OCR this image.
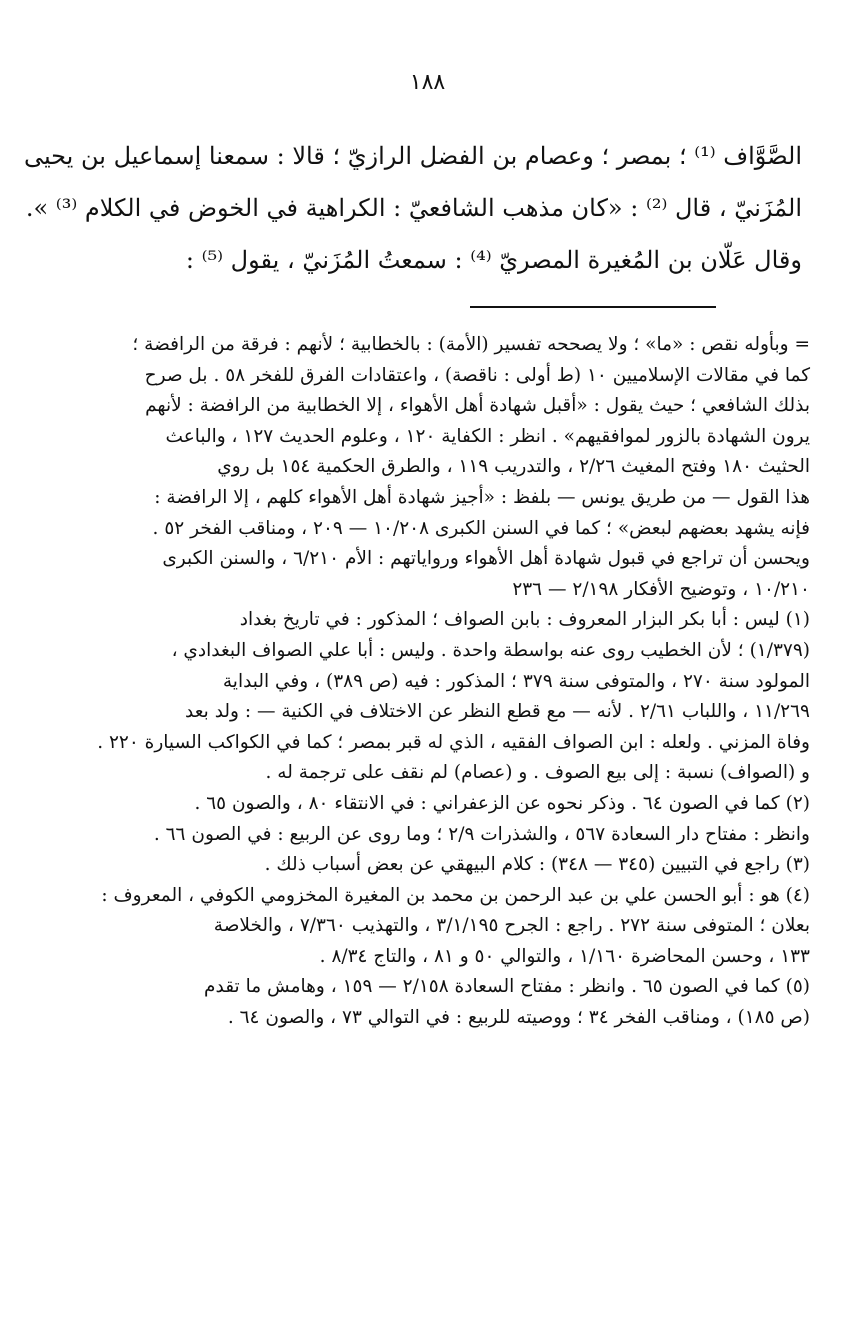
١٨٨

الصَّوَّاف ⁽¹⁾ ؛ بمصر ؛ وعصام بن الفضل الرازيّ ؛ قالا : سمعنا إسماعيل بن يحيى
المُزَنيّ ، قال ⁽²⁾ : «كان مذهب الشافعيّ : الكراهية في الخوض في الكلام ⁽³⁾ ».
وقال عَلّان بن المُغيرة المصريّ ⁽⁴⁾ : سمعتُ المُزَنيّ ، يقول ⁽⁵⁾ :

= وبأوله نقص : «ما» ؛ ولا يصححه تفسير (الأمة) : بالخطابية ؛ لأنهم : فرقة من الرافضة ؛
كما في مقالات الإسلاميين ١٠ (ط أولى : ناقصة) ، واعتقادات الفرق للفخر ٥٨ . بل صرح
بذلك الشافعي ؛ حيث يقول : «أقبل شهادة أهل الأهواء ، إلا الخطابية من الرافضة : لأنهم
يرون الشهادة بالزور لموافقيهم» . انظر : الكفاية ١٢٠ ، وعلوم الحديث ١٢٧ ، والباعث
الحثيث ١٨٠ وفتح المغيث ٢/٢٦ ، والتدريب ١١٩ ، والطرق الحكمية ١٥٤ بل روي
هذا القول — من طريق يونس — بلفظ : «أجيز شهادة أهل الأهواء كلهم ، إلا الرافضة :
فإنه يشهد بعضهم لبعض» ؛ كما في السنن الكبرى ١٠/٢٠٨ — ٢٠٩ ، ومناقب الفخر ٥٢ .
ويحسن أن تراجع في قبول شهادة أهل الأهواء ورواياتهم : الأم ٦/٢١٠ ، والسنن الكبرى
١٠/٢١٠ ، وتوضيح الأفكار ٢/١٩٨ — ٢٣٦

(١) ليس : أبا بكر البزار المعروف : بابن الصواف ؛ المذكور : في تاريخ بغداد
(١/٣٧٩) ؛ لأن الخطيب روى عنه بواسطة واحدة . وليس : أبا علي الصواف البغدادي ،
المولود سنة ٢٧٠ ، والمتوفى سنة ٣٧٩ ؛ المذكور : فيه (ص ٣٨٩) ، وفي البداية
١١/٢٦٩ ، واللباب ٢/٦١ . لأنه — مع قطع النظر عن الاختلاف في الكنية — : ولد بعد
وفاة المزني . ولعله : ابن الصواف الفقيه ، الذي له قبر بمصر ؛ كما في الكواكب السيارة ٢٢٠ .
و (الصواف) نسبة : إلى بيع الصوف . و (عصام) لم نقف على ترجمة له .

(٢) كما في الصون ٦٤ . وذكر نحوه عن الزعفراني : في الانتقاء ٨٠ ، والصون ٦٥ .
وانظر : مفتاح دار السعادة ٥٦٧ ، والشذرات ٢/٩ ؛ وما روى عن الربيع : في الصون ٦٦ .

(٣) راجع في التبيين (٣٤٥ — ٣٤٨) : كلام البيهقي عن بعض أسباب ذلك .

(٤) هو : أبو الحسن علي بن عبد الرحمن بن محمد بن المغيرة المخزومي الكوفي ، المعروف :
بعلان ؛ المتوفى سنة ٢٧٢ . راجع : الجرح ٣/١/١٩٥ ، والتهذيب ٧/٣٦٠ ، والخلاصة
١٣٣ ، وحسن المحاضرة ١/١٦٠ ، والتوالي ٥٠ و ٨١ ، والتاج ٨/٣٤ .

(٥) كما في الصون ٦٥ . وانظر : مفتاح السعادة ٢/١٥٨ — ١٥٩ ، وهامش ما تقدم
(ص ١٨٥) ، ومناقب الفخر ٣٤ ؛ ووصيته للربيع : في التوالي ٧٣ ، والصون ٦٤ .
